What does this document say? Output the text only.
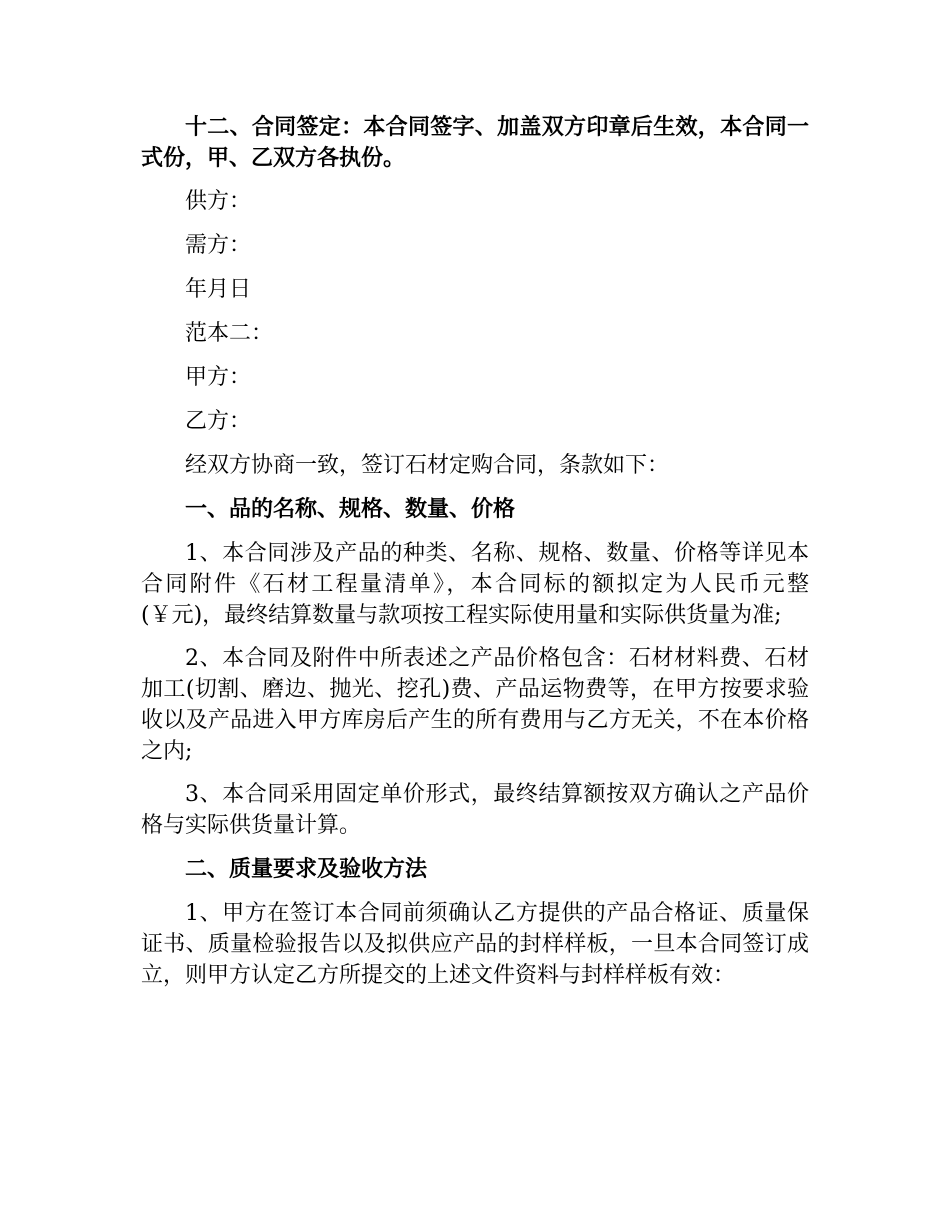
十二、合同签定：本合同签字、加盖双方印章后生效，本合同一式份，甲、乙双方各执份。

供方：

需方：

年月日

范本二：

甲方：

乙方：

经双方协商一致，签订石材定购合同，条款如下：

一、品的名称、规格、数量、价格

1、本合同涉及产品的种类、名称、规格、数量、价格等详见本合同附件《石材工程量清单》，本合同标的额拟定为人民币元整(￥元)，最终结算数量与款项按工程实际使用量和实际供货量为准;

2、本合同及附件中所表述之产品价格包含：石材材料费、石材加工(切割、磨边、抛光、挖孔)费、产品运物费等，在甲方按要求验收以及产品进入甲方库房后产生的所有费用与乙方无关，不在本价格之内;

3、本合同采用固定单价形式，最终结算额按双方确认之产品价格与实际供货量计算。

二、质量要求及验收方法

1、甲方在签订本合同前须确认乙方提供的产品合格证、质量保证书、质量检验报告以及拟供应产品的封样样板，一旦本合同签订成立，则甲方认定乙方所提交的上述文件资料与封样样板有效：
